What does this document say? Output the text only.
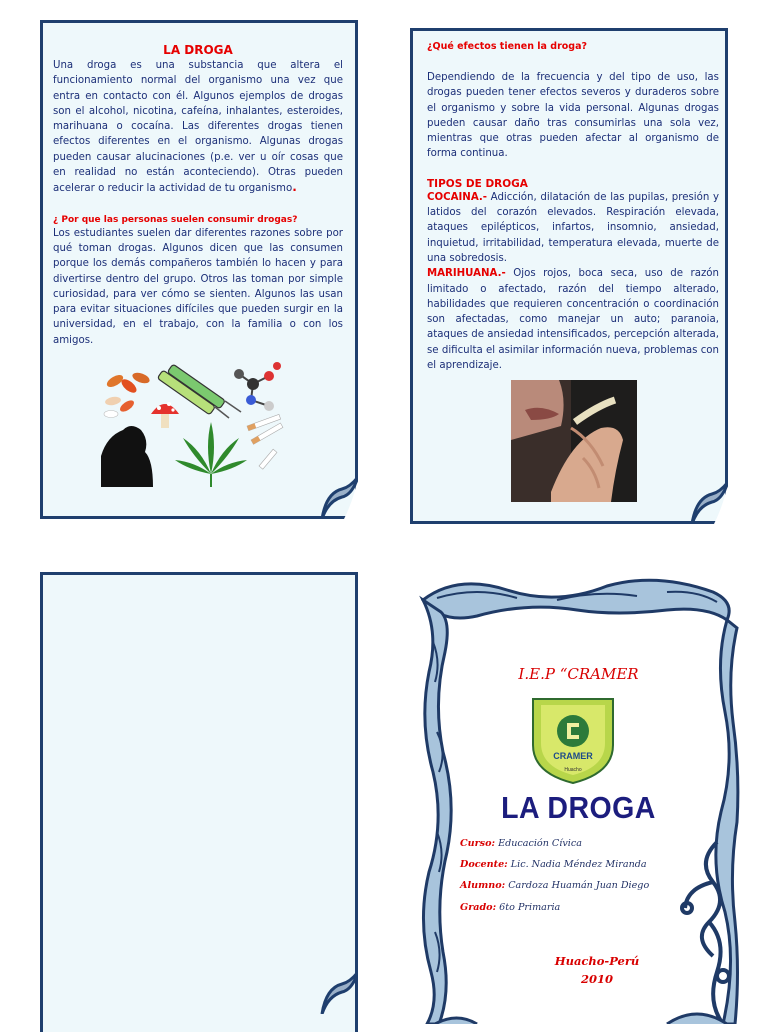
LA DROGA
Una droga es una substancia que altera el funcionamiento normal del organismo una vez que entra en contacto con él. Algunos ejemplos de drogas son el alcohol, nicotina, cafeína, inhalantes, esteroides, marihuana o cocaína. Las diferentes drogas tienen efectos diferentes en el organismo. Algunas drogas pueden causar alucinaciones (p.e. ver u oír cosas que en realidad no están aconteciendo). Otras pueden acelerar o reducir la actividad de tu organismo.
¿ Por que las personas suelen consumir drogas?
Los estudiantes suelen dar diferentes razones sobre por qué toman drogas. Algunos dicen que las consumen porque los demás compañeros también lo hacen y para divertirse dentro del grupo. Otros las toman por simple curiosidad, para ver cómo se sienten. Algunos las usan para evitar situaciones difíciles que pueden surgir en la universidad, en el trabajo, con la familia o con los amigos.
¿Qué efectos tienen la droga?
Dependiendo de la frecuencia y del tipo de uso, las drogas pueden tener efectos severos y duraderos sobre el organismo y sobre la vida personal. Algunas drogas pueden causar daño tras consumirlas una sola vez, mientras que otras pueden afectar al organismo de forma continua.
TIPOS DE DROGA
COCAINA.- Adicción, dilatación de las pupilas, presión y latidos del corazón elevados. Respiración elevada, ataques epilépticos, infartos, insomnio, ansiedad, inquietud, irritabilidad, temperatura elevada, muerte de una sobredosis.
MARIHUANA.- Ojos rojos, boca seca, uso de razón limitado o afectado, razón del tiempo alterado, habilidades que requieren concentración o coordinación son afectadas, como manejar un auto; paranoia, ataques de ansiedad intensificados, percepción alterada, se dificulta el asimilar información nueva, problemas con el aprendizaje.
I.E.P “CRAMER
CRAMER
Huacho
LA DROGA
Curso: Educación Cívica
Docente: Lic. Nadia Méndez Miranda
Alumno: Cardoza Huamán Juan Diego
Grado: 6to Primaria
Huacho-Perú
2010
